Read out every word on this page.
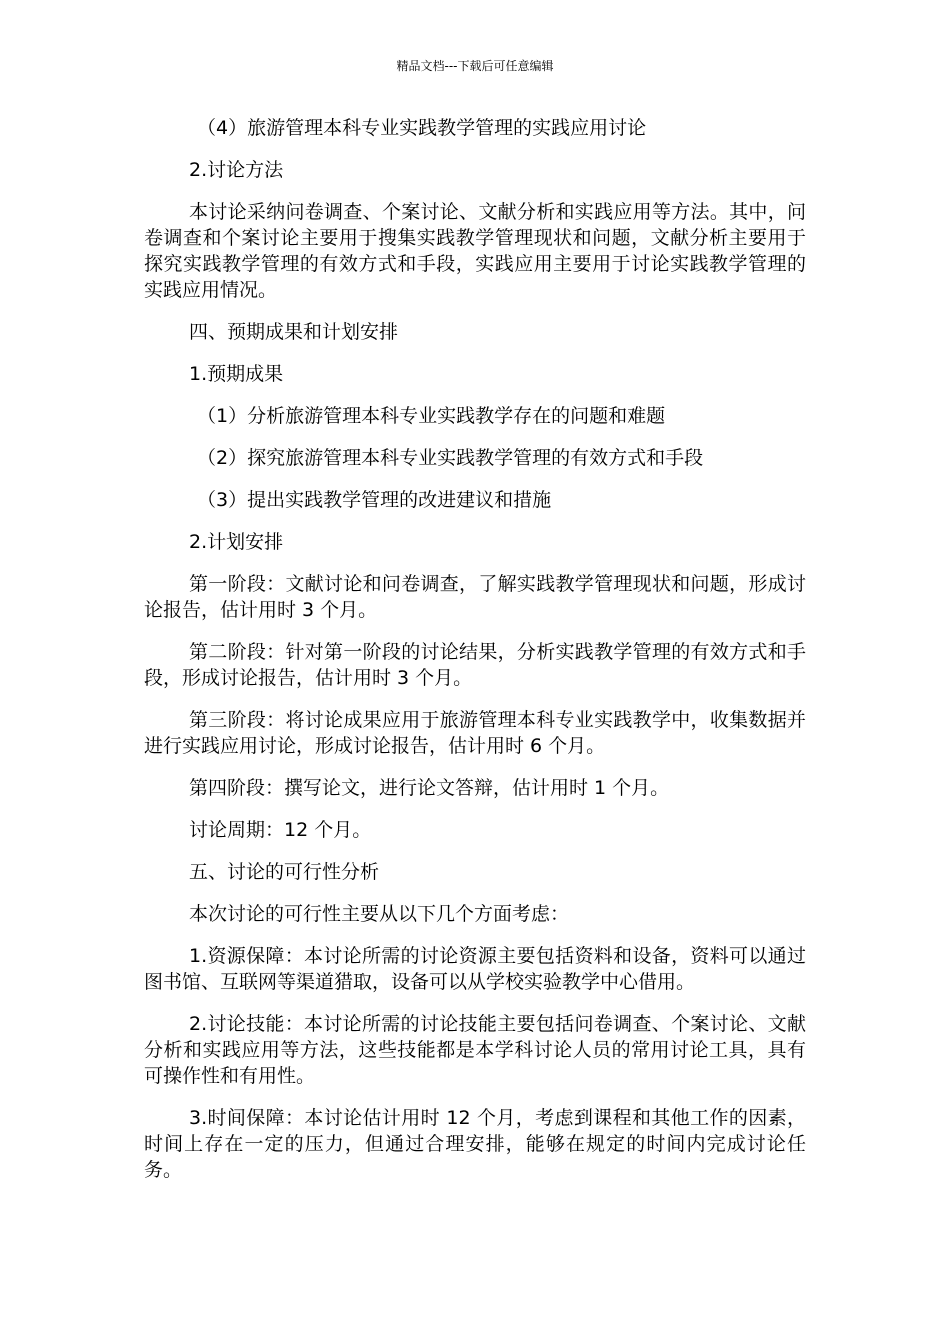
精品文档---下载后可任意编辑

（4）旅游管理本科专业实践教学管理的实践应用讨论

2.讨论方法

本讨论采纳问卷调查、个案讨论、文献分析和实践应用等方法。其中，问卷调查和个案讨论主要用于搜集实践教学管理现状和问题，文献分析主要用于探究实践教学管理的有效方式和手段，实践应用主要用于讨论实践教学管理的实践应用情况。

四、预期成果和计划安排

1.预期成果

（1）分析旅游管理本科专业实践教学存在的问题和难题

（2）探究旅游管理本科专业实践教学管理的有效方式和手段

（3）提出实践教学管理的改进建议和措施

2.计划安排

第一阶段：文献讨论和问卷调查，了解实践教学管理现状和问题，形成讨论报告，估计用时 3 个月。

第二阶段：针对第一阶段的讨论结果，分析实践教学管理的有效方式和手段，形成讨论报告，估计用时 3 个月。

第三阶段：将讨论成果应用于旅游管理本科专业实践教学中，收集数据并进行实践应用讨论，形成讨论报告，估计用时 6 个月。

第四阶段：撰写论文，进行论文答辩，估计用时 1 个月。

讨论周期：12 个月。

五、讨论的可行性分析

本次讨论的可行性主要从以下几个方面考虑：

1.资源保障：本讨论所需的讨论资源主要包括资料和设备，资料可以通过图书馆、互联网等渠道猎取，设备可以从学校实验教学中心借用。

2.讨论技能：本讨论所需的讨论技能主要包括问卷调查、个案讨论、文献分析和实践应用等方法，这些技能都是本学科讨论人员的常用讨论工具，具有可操作性和有用性。

3.时间保障：本讨论估计用时 12 个月，考虑到课程和其他工作的因素，时间上存在一定的压力，但通过合理安排，能够在规定的时间内完成讨论任务。
